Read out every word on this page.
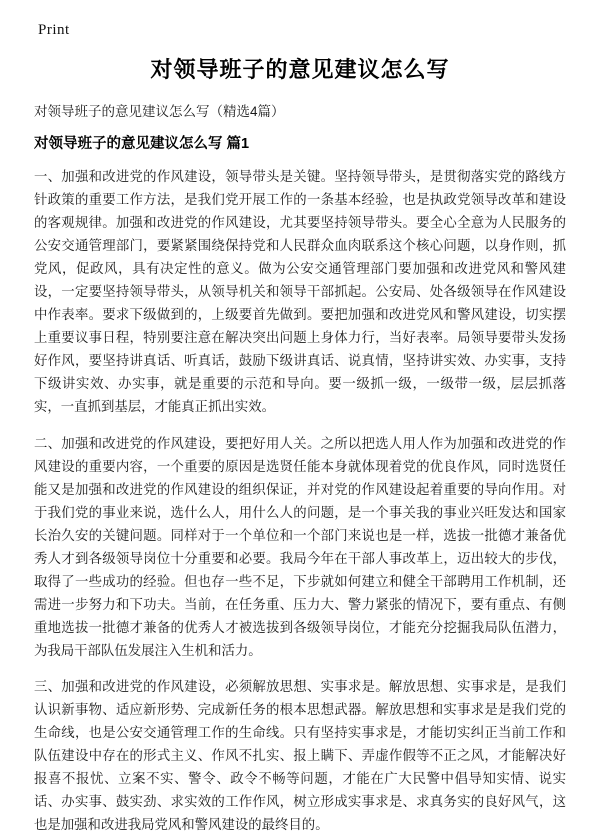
Print
对领导班子的意见建议怎么写
对领导班子的意见建议怎么写（精选4篇）
对领导班子的意见建议怎么写 篇1

一、加强和改进党的作风建设，领导带头是关键。坚持领导带头，是贯彻落实党的路线方针政策的重要工作方法，是我们党开展工作的一条基本经验，也是执政党领导改革和建设的客观规律。加强和改进党的作风建设，尤其要坚持领导带头。要全心全意为人民服务的公安交通管理部门，要紧紧围绕保持党和人民群众血肉联系这个核心问题，以身作则，抓党风，促政风，具有决定性的意义。做为公安交通管理部门要加强和改进党风和警风建设，一定要坚持领导带头，从领导机关和领导干部抓起。公安局、处各级领导在作风建设中作表率。要求下级做到的，上级要首先做到。要把加强和改进党风和警风建设，切实摆上重要议事日程，特别要注意在解决突出问题上身体力行，当好表率。局领导要带头发扬好作风，要坚持讲真话、听真话，鼓励下级讲真话、说真情，坚持讲实效、办实事，支持下级讲实效、办实事，就是重要的示范和导向。要一级抓一级，一级带一级，层层抓落实，一直抓到基层，才能真正抓出实效。

二、加强和改进党的作风建设，要把好用人关。之所以把选人用人作为加强和改进党的作风建设的重要内容，一个重要的原因是选贤任能本身就体现着党的优良作风，同时选贤任能又是加强和改进党的作风建设的组织保证，并对党的作风建设起着重要的导向作用。对于我们党的事业来说，选什么人，用什么人的问题，是一个事关我的事业兴旺发达和国家长治久安的关键问题。同样对于一个单位和一个部门来说也是一样，选拔一批德才兼备优秀人才到各级领导岗位十分重要和必要。我局今年在干部人事改革上，迈出较大的步伐，取得了一些成功的经验。但也存一些不足，下步就如何建立和健全干部聘用工作机制，还需进一步努力和下功夫。当前，在任务重、压力大、警力紧张的情况下，要有重点、有侧重地选拔一批德才兼备的优秀人才被选拔到各级领导岗位，才能充分挖掘我局队伍潜力，为我局干部队伍发展注入生机和活力。

三、加强和改进党的作风建设，必须解放思想、实事求是。解放思想、实事求是，是我们认识新事物、适应新形势、完成新任务的根本思想武器。解放思想和实事求是是我们党的生命线，也是公安交通管理工作的生命线。只有坚持实事求是，才能切实纠正当前工作和队伍建设中存在的形式主义、作风不扎实、报上瞒下、弄虚作假等不正之风，才能解决好报喜不报忧、立案不实、警令、政令不畅等问题，才能在广大民警中倡导知实情、说实话、办实事、鼓实劲、求实效的工作作风，树立形成实事求是、求真务实的良好风气，这也是加强和改进我局党风和警风建设的最终目的。
